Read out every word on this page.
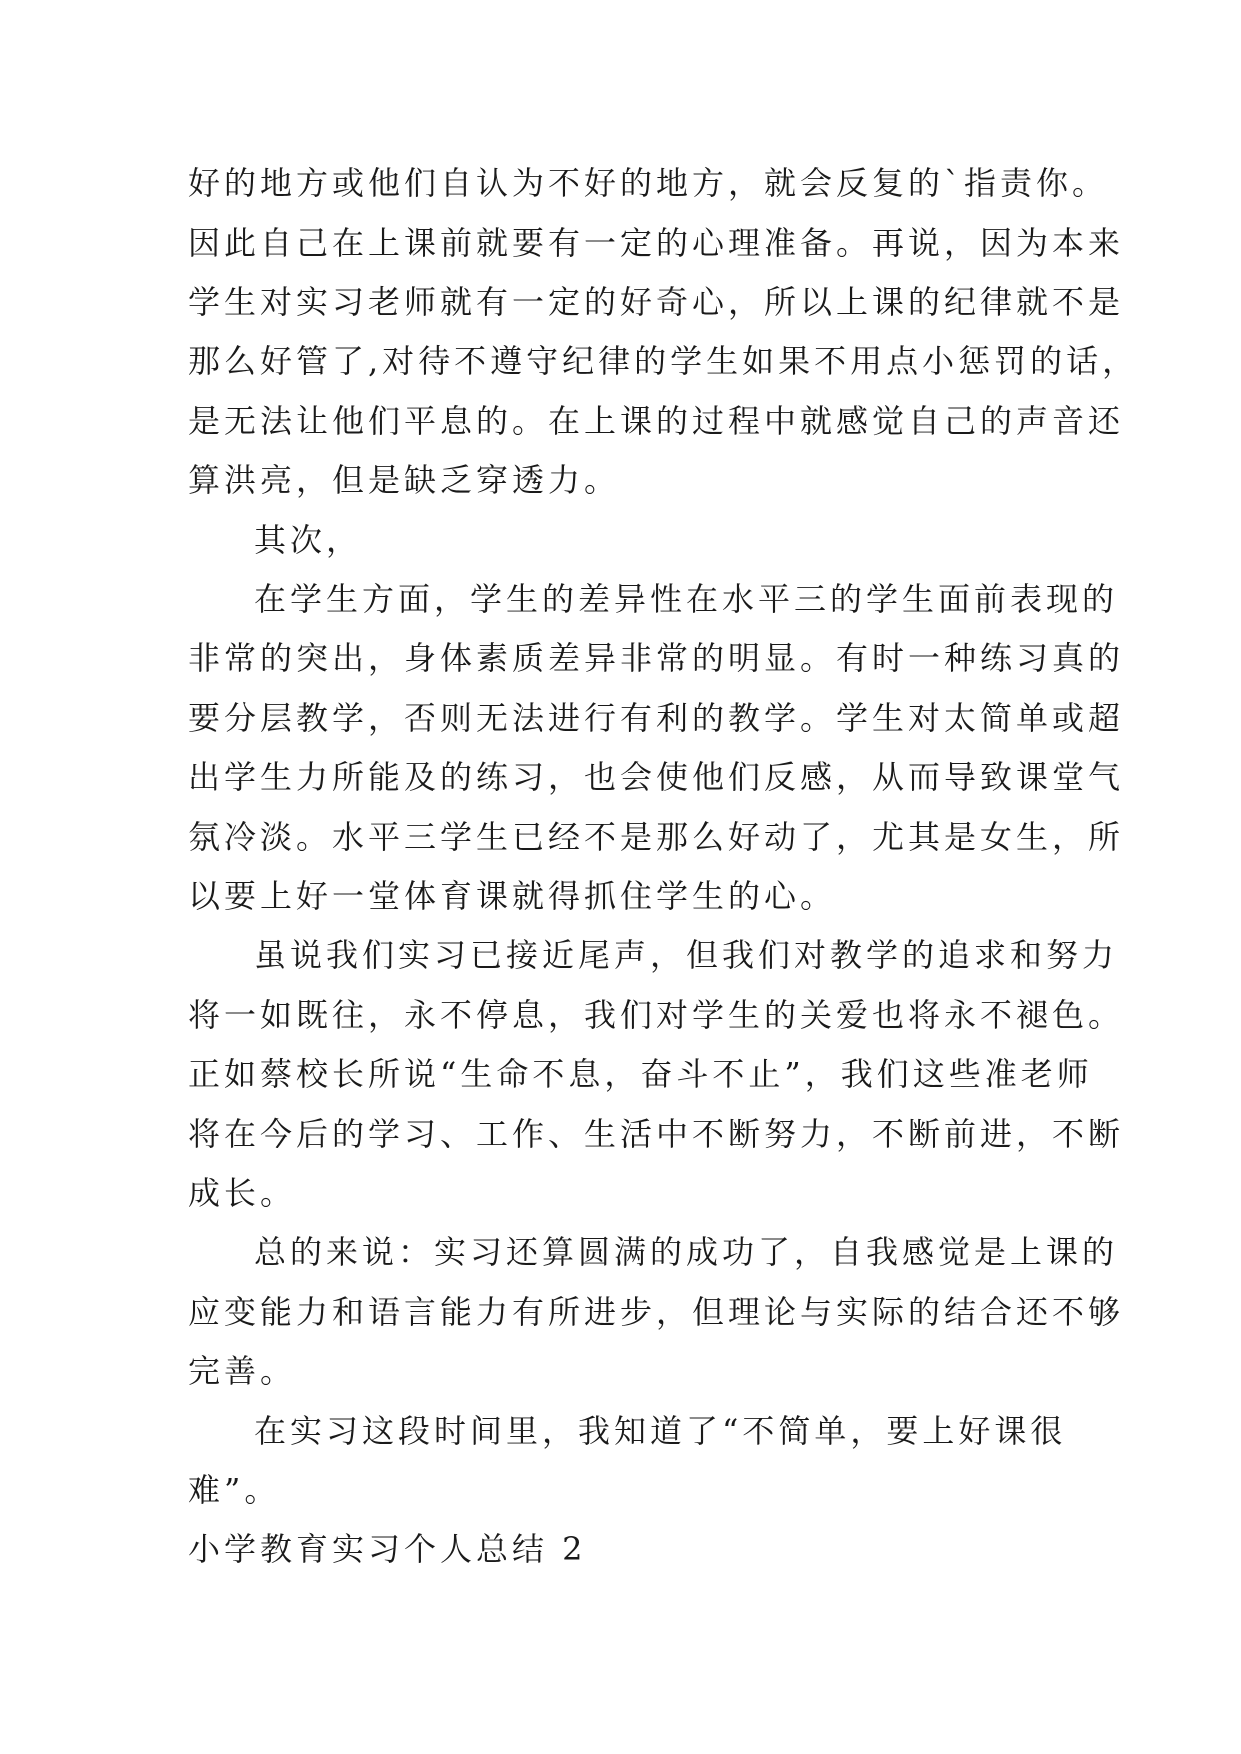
好的地方或他们自认为不好的地方，就会反复的`指责你。
因此自己在上课前就要有一定的心理准备。再说，因为本来
学生对实习老师就有一定的好奇心，所以上课的纪律就不是
那么好管了,对待不遵守纪律的学生如果不用点小惩罚的话，
是无法让他们平息的。在上课的过程中就感觉自己的声音还
算洪亮，但是缺乏穿透力。
其次，
在学生方面，学生的差异性在水平三的学生面前表现的
非常的突出，身体素质差异非常的明显。有时一种练习真的
要分层教学，否则无法进行有利的教学。学生对太简单或超
出学生力所能及的练习，也会使他们反感，从而导致课堂气
氛冷淡。水平三学生已经不是那么好动了，尤其是女生，所
以要上好一堂体育课就得抓住学生的心。
虽说我们实习已接近尾声，但我们对教学的追求和努力
将一如既往，永不停息，我们对学生的关爱也将永不褪色。
正如蔡校长所说“生命不息，奋斗不止”，我们这些准老师
将在今后的学习、工作、生活中不断努力，不断前进，不断
成长。
总的来说：实习还算圆满的成功了，自我感觉是上课的
应变能力和语言能力有所进步，但理论与实际的结合还不够
完善。
在实习这段时间里，我知道了“不简单，要上好课很
难”。
小学教育实习个人总结 2
